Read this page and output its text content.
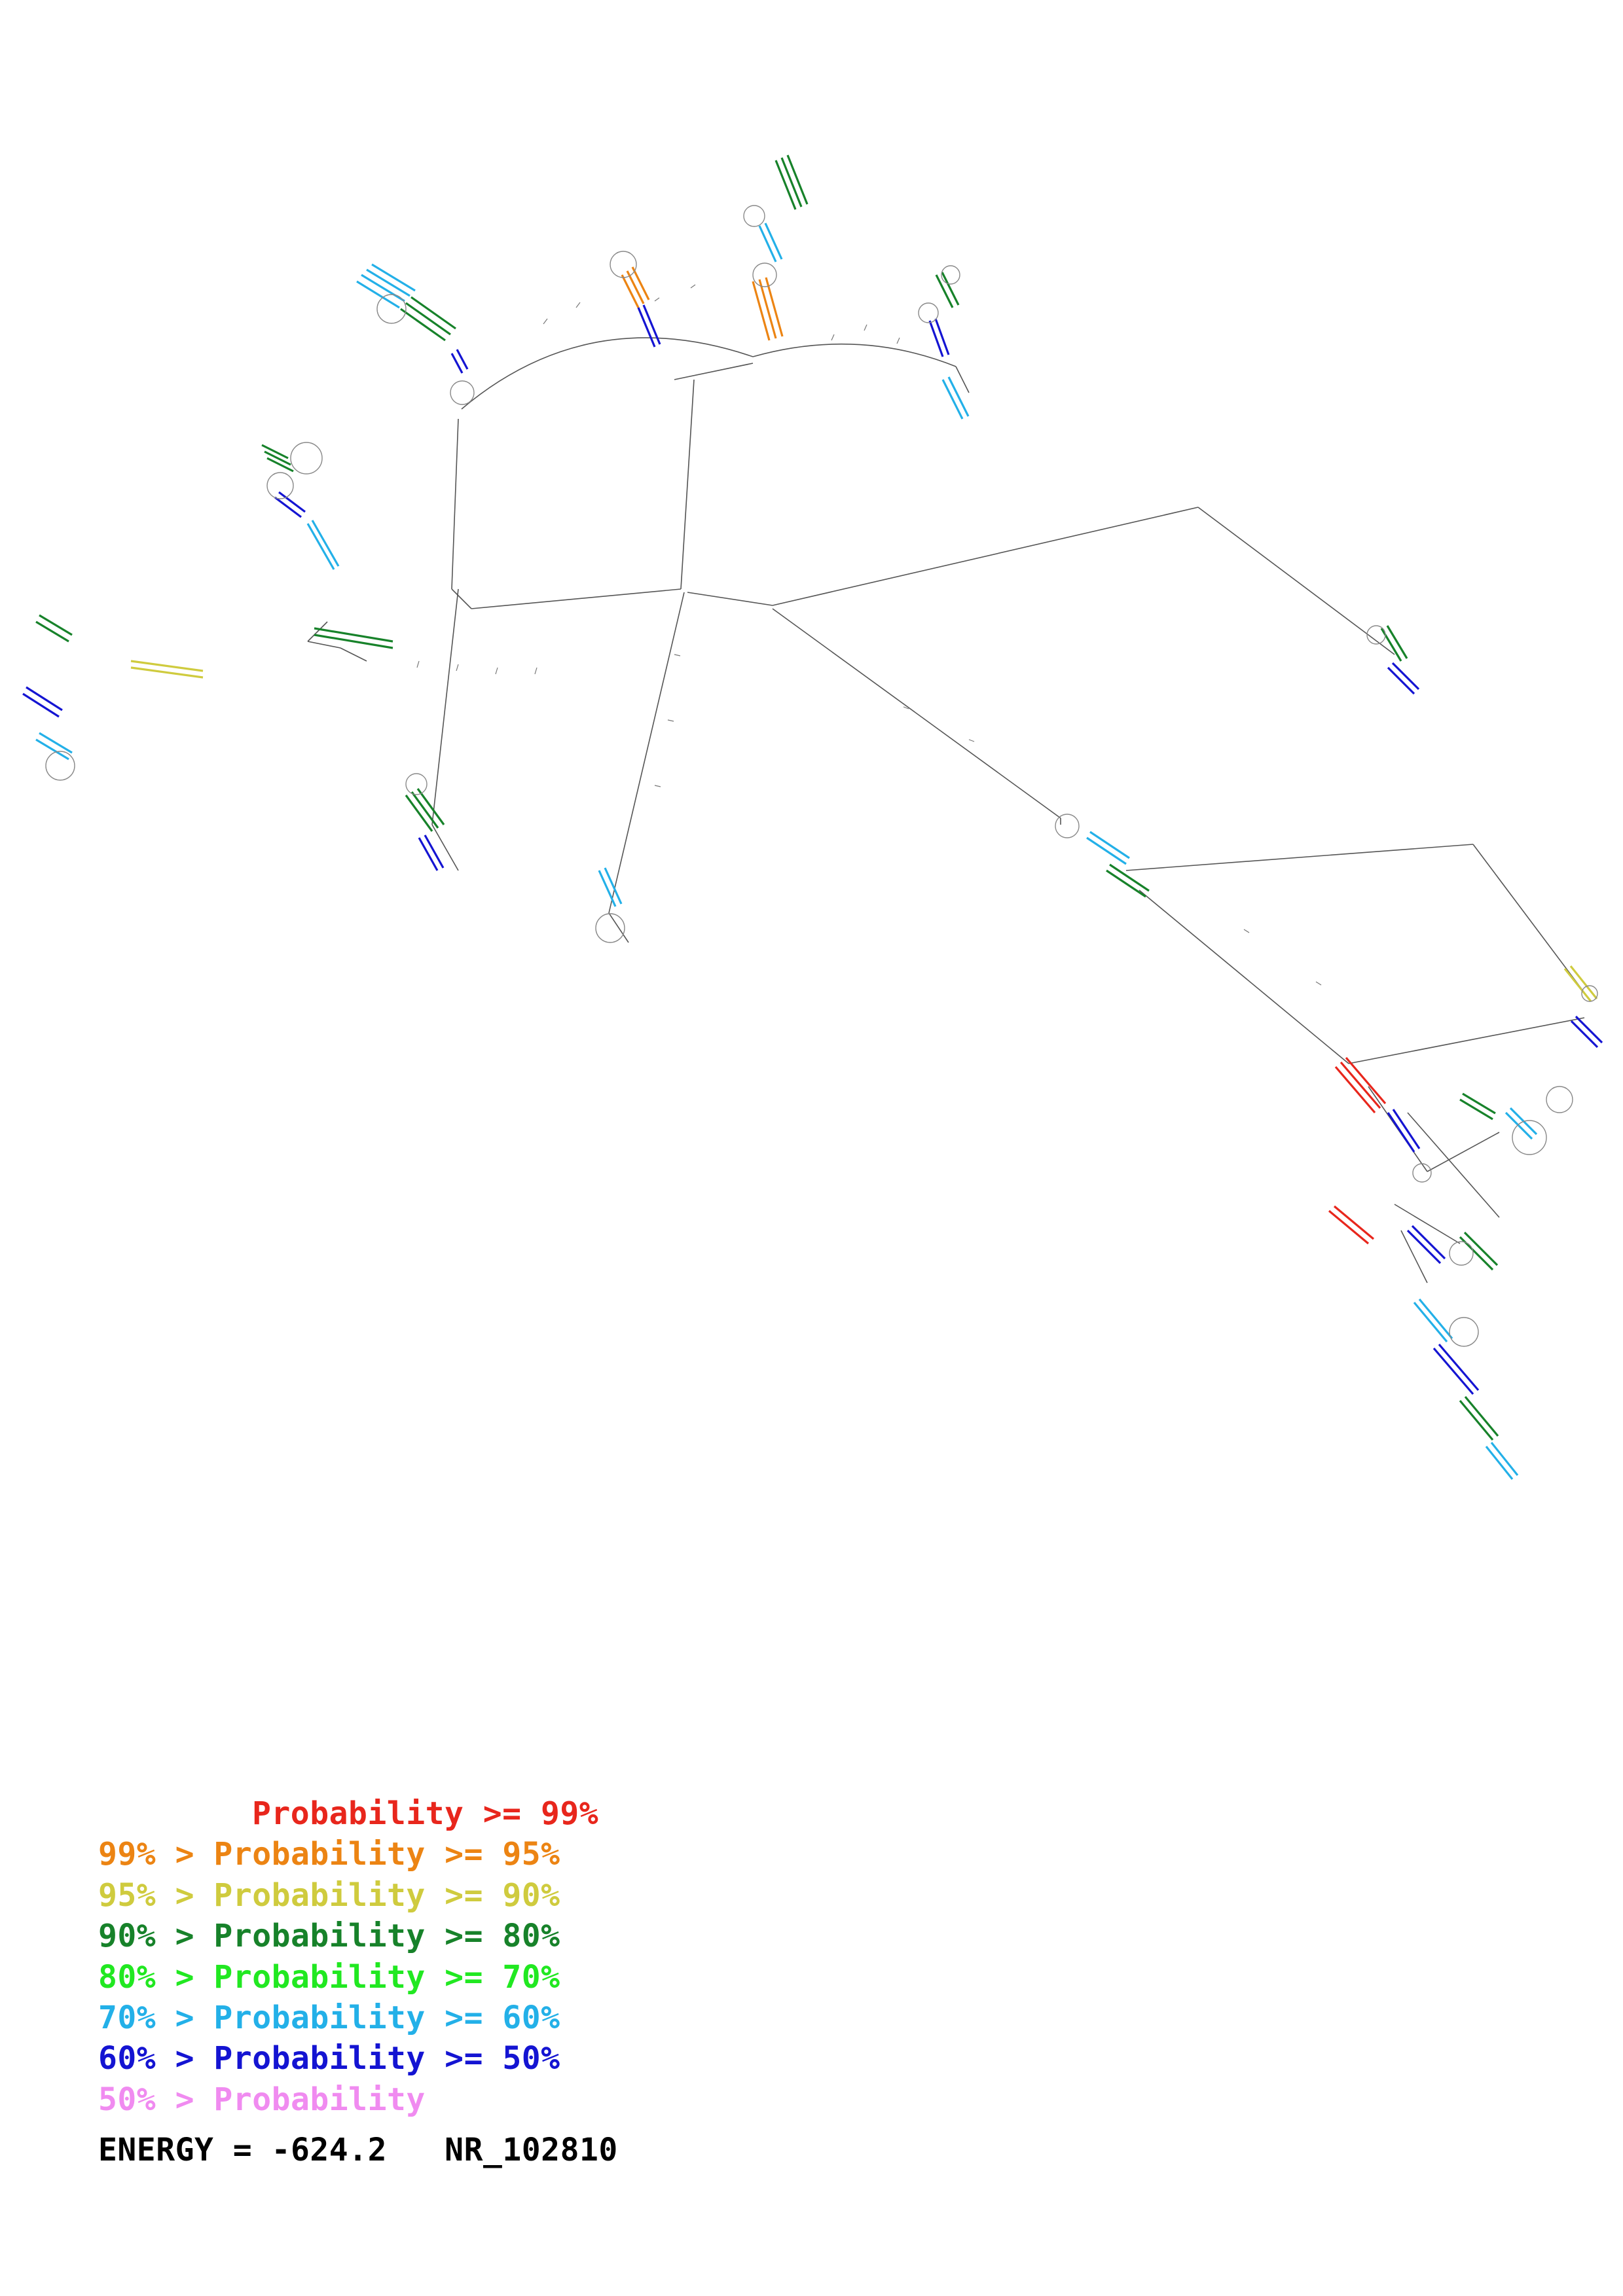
Probability >= 99%
99% > Probability >= 95%
95% > Probability >= 90%
90% > Probability >= 80%
80% > Probability >= 70%
70% > Probability >= 60%
60% > Probability >= 50%
50% > Probability
ENERGY = -624.2   NR_102810
